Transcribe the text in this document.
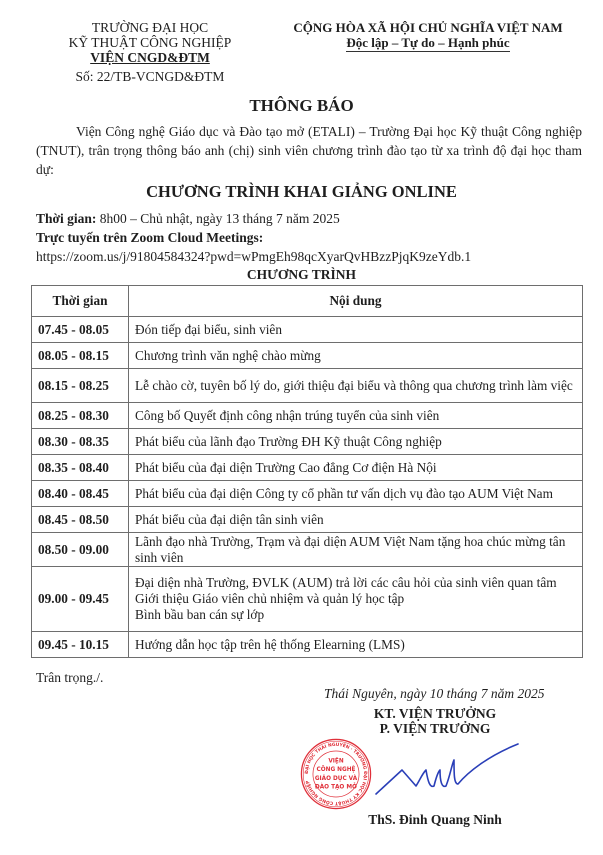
TRƯỜNG ĐẠI HỌC
KỸ THUẬT CÔNG NGHIỆP
VIỆN CNGD&ĐTM
Số: 22/TB-VCNGD&ĐTM
CỘNG HÒA XÃ HỘI CHỦ NGHĨA VIỆT NAM
Độc lập – Tự do – Hạnh phúc
THÔNG BÁO
Viện Công nghệ Giáo dục và Đào tạo mở (ETALI) – Trường Đại học Kỹ thuật Công nghiệp (TNUT), trân trọng thông báo anh (chị) sinh viên chương trình đào tạo từ xa trình độ đại học tham dự:
CHƯƠNG TRÌNH KHAI GIẢNG ONLINE
Thời gian: 8h00 – Chủ nhật, ngày 13 tháng 7 năm 2025
Trực tuyến trên Zoom Cloud Meetings:
https://zoom.us/j/91804584324?pwd=wPmgEh98qcXyarQvHBzzPjqK9zeYdb.1
CHƯƠNG TRÌNH
Thời gian	Nội dung
07.45 - 08.05	Đón tiếp đại biểu, sinh viên

08.05 - 08.15	Chương trình văn nghệ chào mừng

08.15 - 08.25	Lễ chào cờ, tuyên bố lý do, giới thiệu đại biểu và thông qua chương trình làm việc

08.25 - 08.30	Công bố Quyết định công nhận trúng tuyển của sinh viên

08.30 - 08.35	Phát biểu của lãnh đạo Trường ĐH Kỹ thuật Công nghiệp

08.35 - 08.40	Phát biểu của đại diện Trường Cao đẳng Cơ điện Hà Nội

08.40 - 08.45	Phát biểu của đại diện Công ty cổ phần tư vấn dịch vụ đào tạo AUM Việt Nam

08.45 - 08.50	Phát biểu của đại diện tân sinh viên

08.50 - 09.00	Lãnh đạo nhà Trường, Trạm và đại diện AUM Việt Nam tặng hoa chúc mừng tân sinh viên

09.00 - 09.45	Đại diện nhà Trường, ĐVLK (AUM) trả lời các câu hỏi của sinh viên quan tâm
Giới thiệu Giáo viên chủ nhiệm và quản lý học tập
Bình bầu ban cán sự lớp

09.45 - 10.15	Hướng dẫn học tập trên hệ thống Elearning (LMS)
Trân trọng./.
Thái Nguyên, ngày 10 tháng 7 năm 2025
KT. VIỆN TRƯỞNG
P. VIỆN TRƯỞNG
ĐẠI HỌC THÁI NGUYÊN · TRƯỜNG ĐẠI HỌC KỸ THUẬT CÔNG NGHIỆP
VIỆN
CÔNG NGHỆ
GIÁO DỤC VÀ
ĐÀO TẠO MỞ
ThS. Đinh Quang Ninh
